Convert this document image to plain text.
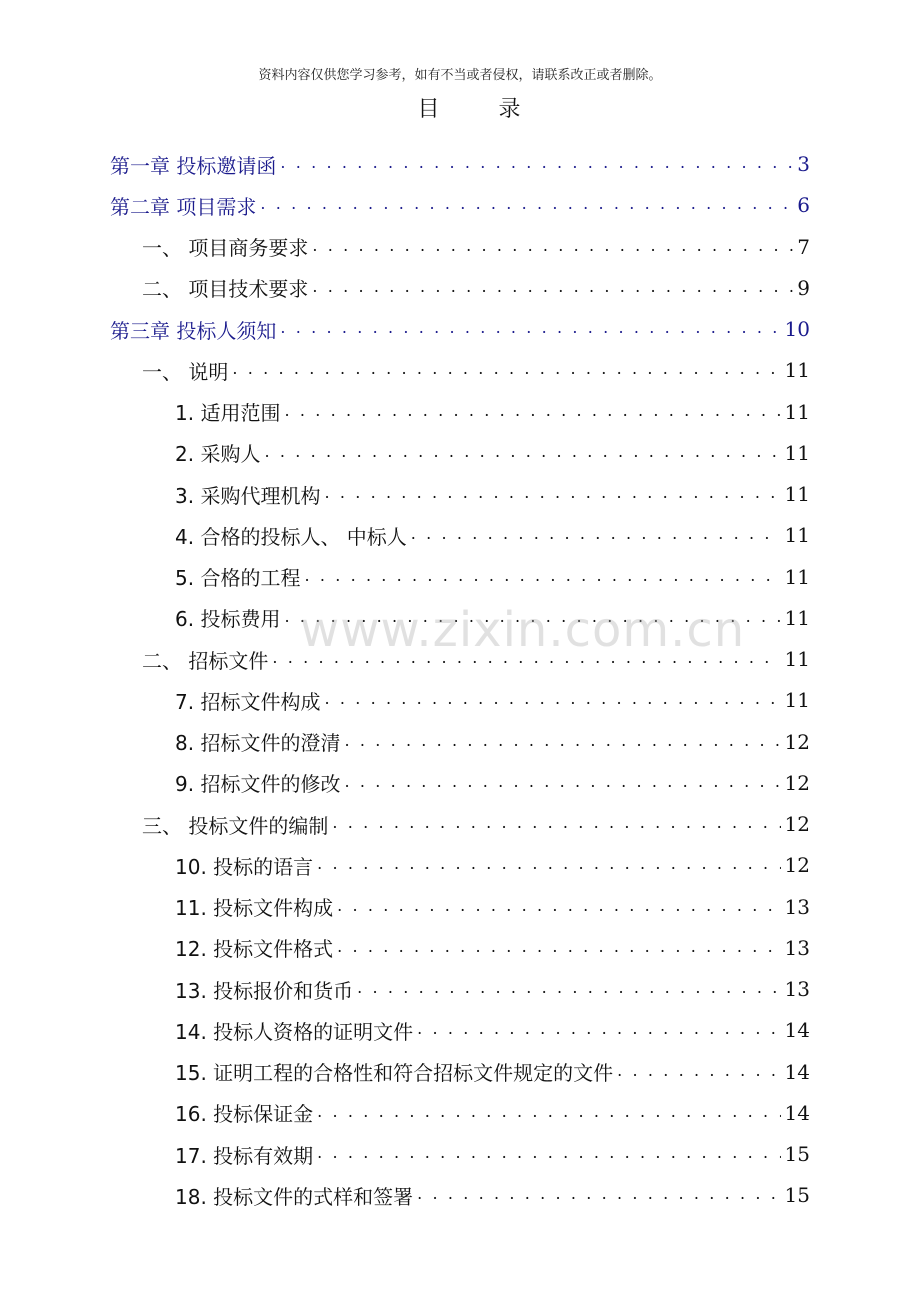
资料内容仅供您学习参考，如有不当或者侵权，请联系改正或者删除。
目 录
第一章 投标邀请函 . . .	3
第二章 项目需求 . . .	6
一、 项目商务要求 . . .	7
二、 项目技术要求 . . .	9
第三章 投标人须知 . . .	10
一、 说明 . . .	11
1. 适用范围 . . .	11
2. 采购人 . . .	11
3. 采购代理机构 . . .	11
4. 合格的投标人、 中标人 . . .	11
5. 合格的工程 . . .	11
6. 投标费用 . . .	11
二、 招标文件 . . .	11
7. 招标文件构成 . . .	11
8. 招标文件的澄清 . . .	12
9. 招标文件的修改 . . .	12
三、 投标文件的编制 . . .	12
10. 投标的语言 . . .	12
11. 投标文件构成 . . .	13
12. 投标文件格式 . . .	13
13. 投标报价和货币 . . .	13
14. 投标人资格的证明文件 . . .	14
15. 证明工程的合格性和符合招标文件规定的文件 . . .	14
16. 投标保证金 . . .	14
17. 投标有效期 . . .	15
18. 投标文件的式样和签署 . . .	15
www.zixin.com.cn
